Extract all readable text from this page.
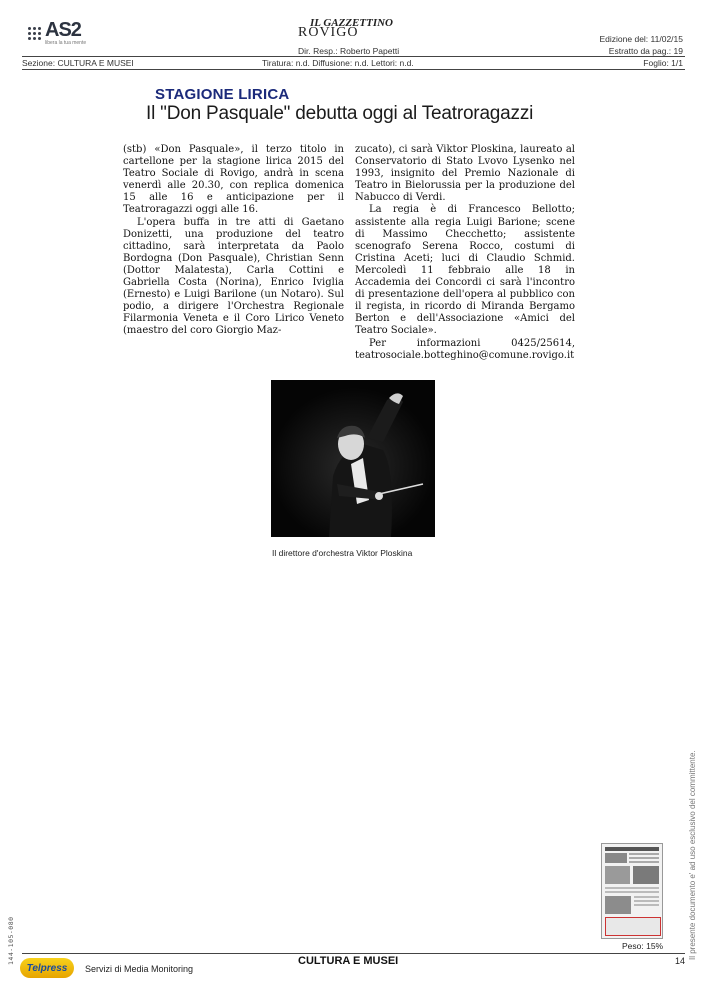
AS2
libera la tua mente
IL GAZZETTINO
ROVIGO
Dir. Resp.: Roberto Papetti
Tiratura: n.d. Diffusione: n.d. Lettori: n.d.
Edizione del: 11/02/15
Estratto da pag.: 19
Foglio: 1/1
Sezione: CULTURA E MUSEI
STAGIONE LIRICA
Il "Don Pasquale" debutta oggi al Teatroragazzi

(stb) «Don Pasquale», il terzo titolo in cartellone per la stagione lirica 2015 del Teatro Sociale di Rovigo, andrà in scena venerdì alle 20.30, con replica domenica 15 alle 16 e anticipazione per il Teatroragazzi oggi alle 16.

L'opera buffa in tre atti di Gaetano Donizetti, una produzione del teatro cittadino, sarà interpretata da Paolo Bordogna (Don Pasquale), Christian Senn (Dottor Malatesta), Carla Cottini e Gabriella Costa (Norina), Enrico Iviglia (Ernesto) e Luigi Barilone (un Notaro). Sul podio, a dirigere l'Orchestra Regionale Filarmonia Veneta e il Coro Lirico Veneto (maestro del coro Giorgio Maz-

zucato), ci sarà Viktor Ploskina, laureato al Conservatorio di Stato Lvovo Lysenko nel 1993, insignito del Premio Nazionale di Teatro in Bielorussia per la produzione del Nabucco di Verdi.

La regia è di Francesco Bellotto; assistente alla regia Luigi Barione; scene di Massimo Checchetto; assistente scenografo Serena Rocco, costumi di Cristina Aceti; luci di Claudio Schmid. Mercoledì 11 febbraio alle 18 in Accademia dei Concordi ci sarà l'incontro di presentazione dell'opera al pubblico con il regista, in ricordo di Miranda Bergamo Berton e dell'Associazione «Amici del Teatro Sociale».

Per informazioni 0425/25614, teatrosociale.botteghino@comune.rovigo.it

Il direttore d'orchestra Viktor Ploskina
Il presente documento e' ad uso esclusivo del committente.
144-105-080	Peso: 15%
Telpress Servizi di Media Monitoring
CULTURA E MUSEI	14
